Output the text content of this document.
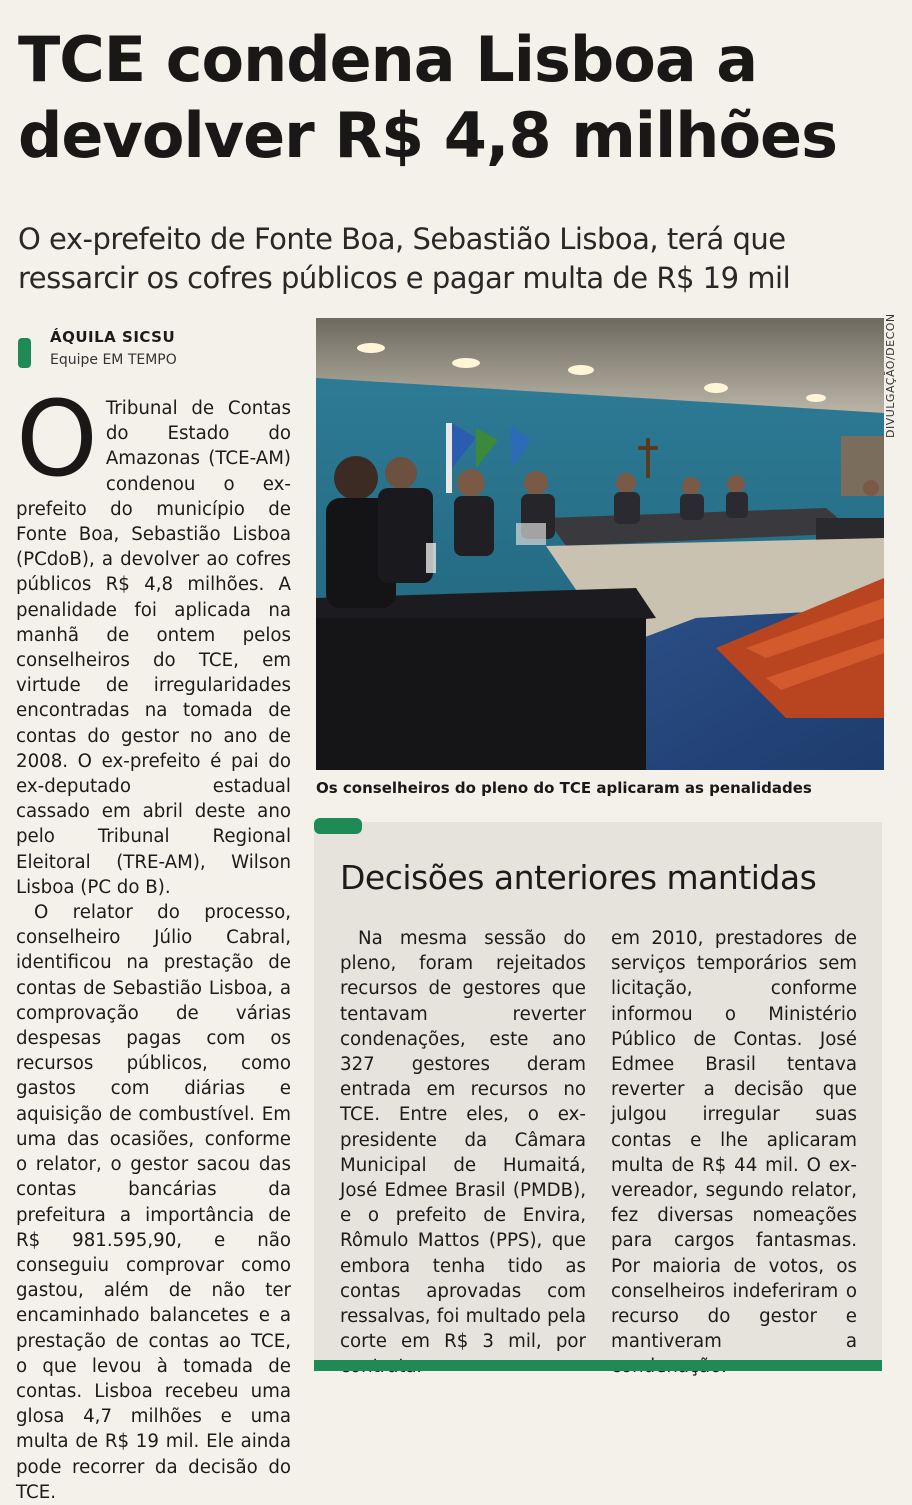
TCE condena Lisboa a
devolver R$ 4,8 milhões
O ex-prefeito de Fonte Boa, Sebastião Lisboa, terá que
ressarcir os cofres públicos e pagar multa de R$ 19 mil
ÁQUILA SICSU
Equipe EM TEMPO	DIVULGAÇÃO/DECON
Os conselheiros do pleno do TCE aplicaram as penalidades

O Tribunal de Contas do Estado do Amazonas (TCE-AM) condenou o ex-prefeito do município de Fonte Boa, Sebastião Lisboa (PCdoB), a devolver ao cofres públicos R$ 4,8 milhões. A penalidade foi aplicada na manhã de ontem pelos conselheiros do TCE, em virtude de irregularidades encontradas na tomada de contas do gestor no ano de 2008. O ex-prefeito é pai do ex-deputado estadual cassado em abril deste ano pelo Tribunal Regional Eleitoral (TRE-AM), Wilson Lisboa (PC do B).

O relator do processo, conselheiro Júlio Cabral, identificou na prestação de contas de Sebastião Lisboa, a comprovação de várias despesas pagas com os recursos públicos, como gastos com diárias e aquisição de combustível. Em uma das ocasiões, conforme o relator, o gestor sacou das contas bancárias da prefeitura a importância de R$ 981.595,90, e não conseguiu comprovar como gastou, além de não ter encaminhado balancetes e a prestação de contas ao TCE, o que levou à tomada de contas. Lisboa recebeu uma glosa 4,7 milhões e uma multa de R$ 19 mil. Ele ainda pode recorrer da decisão do TCE.

Decisões anteriores mantidas

Na mesma sessão do pleno, foram rejeitados recursos de gestores que tentavam reverter condenações, este ano 327 gestores deram entrada em recursos no TCE. Entre eles, o ex-presidente da Câmara Municipal de Humaitá, José Edmee Brasil (PMDB), e o prefeito de Envira, Rômulo Mattos (PPS), que embora tenha tido as contas aprovadas com ressalvas, foi multado pela corte em R$ 3 mil, por

em 2010, prestadores de serviços temporários sem licitação, conforme informou o Ministério Público de Contas. José Edmee Brasil tentava reverter a decisão que julgou irregular suas contas e lhe aplicaram multa de R$ 44 mil. O ex-vereador, segundo relator, fez diversas nomeações para cargos fantasmas. Por maioria de votos, os conselheiros indeferiram o recurso do gestor e mantiveram a
